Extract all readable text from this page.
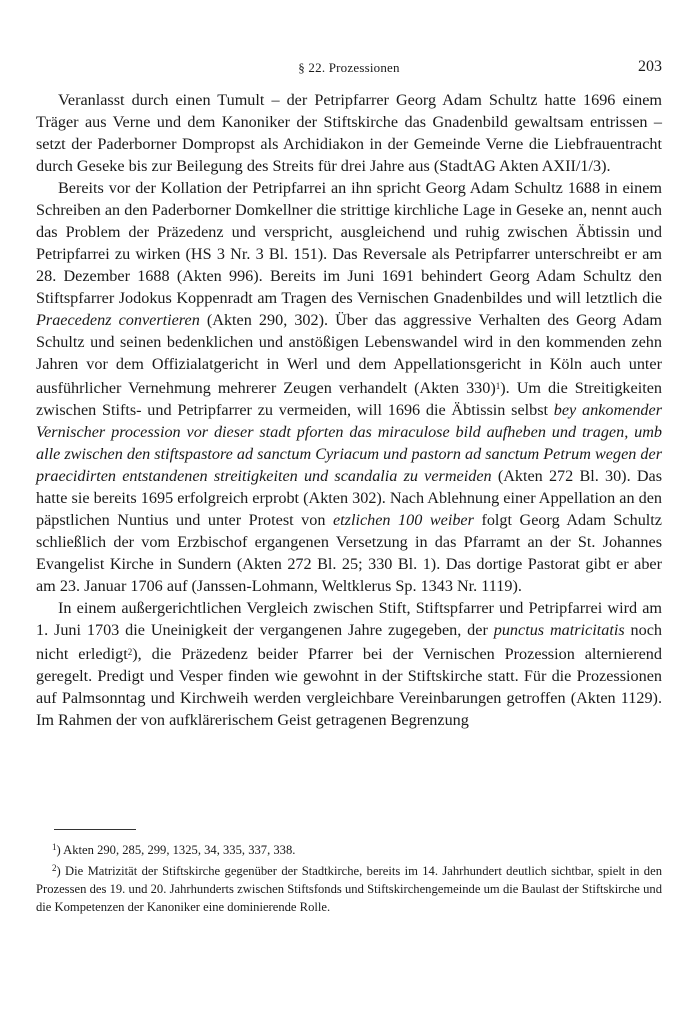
§ 22. Prozessionen	203

Veranlasst durch einen Tumult – der Petripfarrer Georg Adam Schultz hatte 1696 einem Träger aus Verne und dem Kanoniker der Stiftskirche das Gnadenbild gewaltsam entrissen – setzt der Paderborner Dompropst als Archidiakon in der Gemeinde Verne die Liebfrauentracht durch Geseke bis zur Beilegung des Streits für drei Jahre aus (StadtAG Akten AXII/1/3).

Bereits vor der Kollation der Petripfarrei an ihn spricht Georg Adam Schultz 1688 in einem Schreiben an den Paderborner Domkellner die strittige kirchliche Lage in Geseke an, nennt auch das Problem der Präzedenz und verspricht, ausgleichend und ruhig zwischen Äbtissin und Petripfarrei zu wirken (HS 3 Nr. 3 Bl. 151). Das Reversale als Petripfarrer unterschreibt er am 28. Dezember 1688 (Akten 996). Bereits im Juni 1691 behindert Georg Adam Schultz den Stiftspfarrer Jodokus Koppenradt am Tragen des Vernischen Gnadenbildes und will letztlich die Praecedenz convertieren (Akten 290, 302). Über das aggressive Verhalten des Georg Adam Schultz und seinen bedenklichen und anstößigen Lebenswandel wird in den kommenden zehn Jahren vor dem Offizialatgericht in Werl und dem Appellationsgericht in Köln auch unter ausführlicher Vernehmung mehrerer Zeugen verhandelt (Akten 330)$^1$). Um die Streitigkeiten zwischen Stifts- und Petripfarrer zu vermeiden, will 1696 die Äbtissin selbst bey ankomender Vernischer procession vor dieser stadt pforten das miraculose bild aufheben und tragen, umb alle zwischen den stiftspastore ad sanctum Cyriacum und pastorn ad sanctum Petrum wegen der praecidirten entstandenen streitigkeiten und scandalia zu vermeiden (Akten 272 Bl. 30). Das hatte sie bereits 1695 erfolgreich erprobt (Akten 302). Nach Ablehnung einer Appellation an den päpstlichen Nuntius und unter Protest von etzlichen 100 weiber folgt Georg Adam Schultz schließlich der vom Erzbischof ergangenen Versetzung in das Pfarramt an der St. Johannes Evangelist Kirche in Sundern (Akten 272 Bl. 25; 330 Bl. 1). Das dortige Pastorat gibt er aber am 23. Januar 1706 auf (Janssen-Lohmann, Weltklerus Sp. 1343 Nr. 1119).

In einem außergerichtlichen Vergleich zwischen Stift, Stiftspfarrer und Petripfarrei wird am 1. Juni 1703 die Uneinigkeit der vergangenen Jahre zugegeben, der punctus matricitatis noch nicht erledigt$^2$), die Präzedenz beider Pfarrer bei der Vernischen Prozession alternierend geregelt. Predigt und Vesper finden wie gewohnt in der Stiftskirche statt. Für die Prozessionen auf Palmsonntag und Kirchweih werden vergleichbare Vereinbarungen getroffen (Akten 1129). Im Rahmen der von aufklärerischem Geist getragenen Begrenzung

$^1$) Akten 290, 285, 299, 1325, 34, 335, 337, 338.

$^2$) Die Matrizität der Stiftskirche gegenüber der Stadtkirche, bereits im 14. Jahrhundert deutlich sichtbar, spielt in den Prozessen des 19. und 20. Jahrhunderts zwischen Stiftsfonds und Stiftskirchengemeinde um die Baulast der Stiftskirche und die Kompetenzen der Kanoniker eine dominierende Rolle.
